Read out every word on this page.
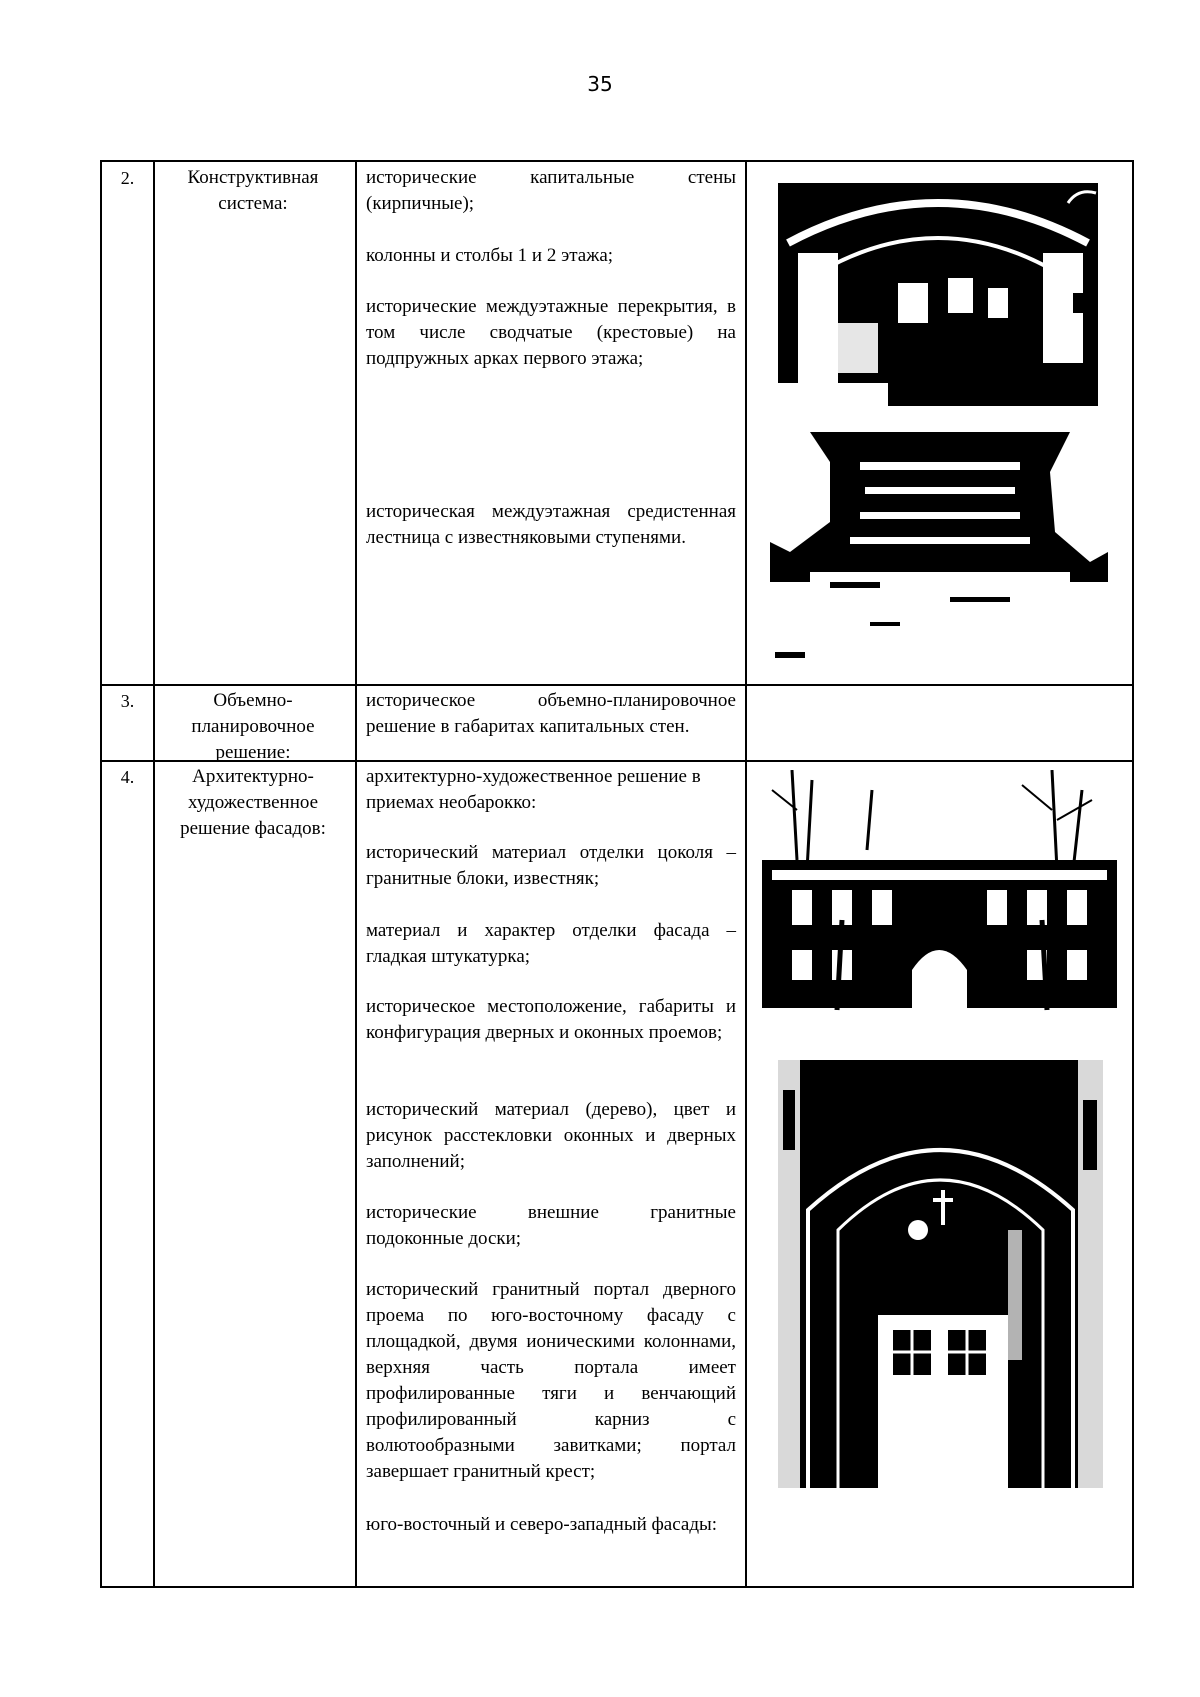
35
2.	Конструктивная система:

исторические капитальные стены (кирпичные);

колонны и столбы 1 и 2 этажа;

исторические междуэтажные перекрытия, в том числе сводчатые (крестовые) на подпружных арках первого этажа;

историческая междуэтажная средистенная лестница с известняковыми ступенями.

3.	Объемно-планировочное решение:

историческое объемно-планировочное решение в габаритах капитальных стен.

4.	Архитектурно-художественное решение фасадов:

архитектурно-художественное решение в приемах необарокко:

исторический материал отделки цоколя – гранитные блоки, известняк;

материал и характер отделки фасада – гладкая штукатурка;

историческое местоположение, габариты и конфигурация дверных и оконных проемов;

исторический материал (дерево), цвет и рисунок расстекловки оконных и дверных заполнений;

исторические внешние гранитные подоконные доски;

исторический гранитный портал дверного проема по юго-восточному фасаду с площадкой, двумя ионическими колоннами, верхняя часть портала имеет профилированные тяги и венчающий профилированный карниз с волютообразными завитками; портал завершает гранитный крест;

юго-восточный и северо-западный фасады:
